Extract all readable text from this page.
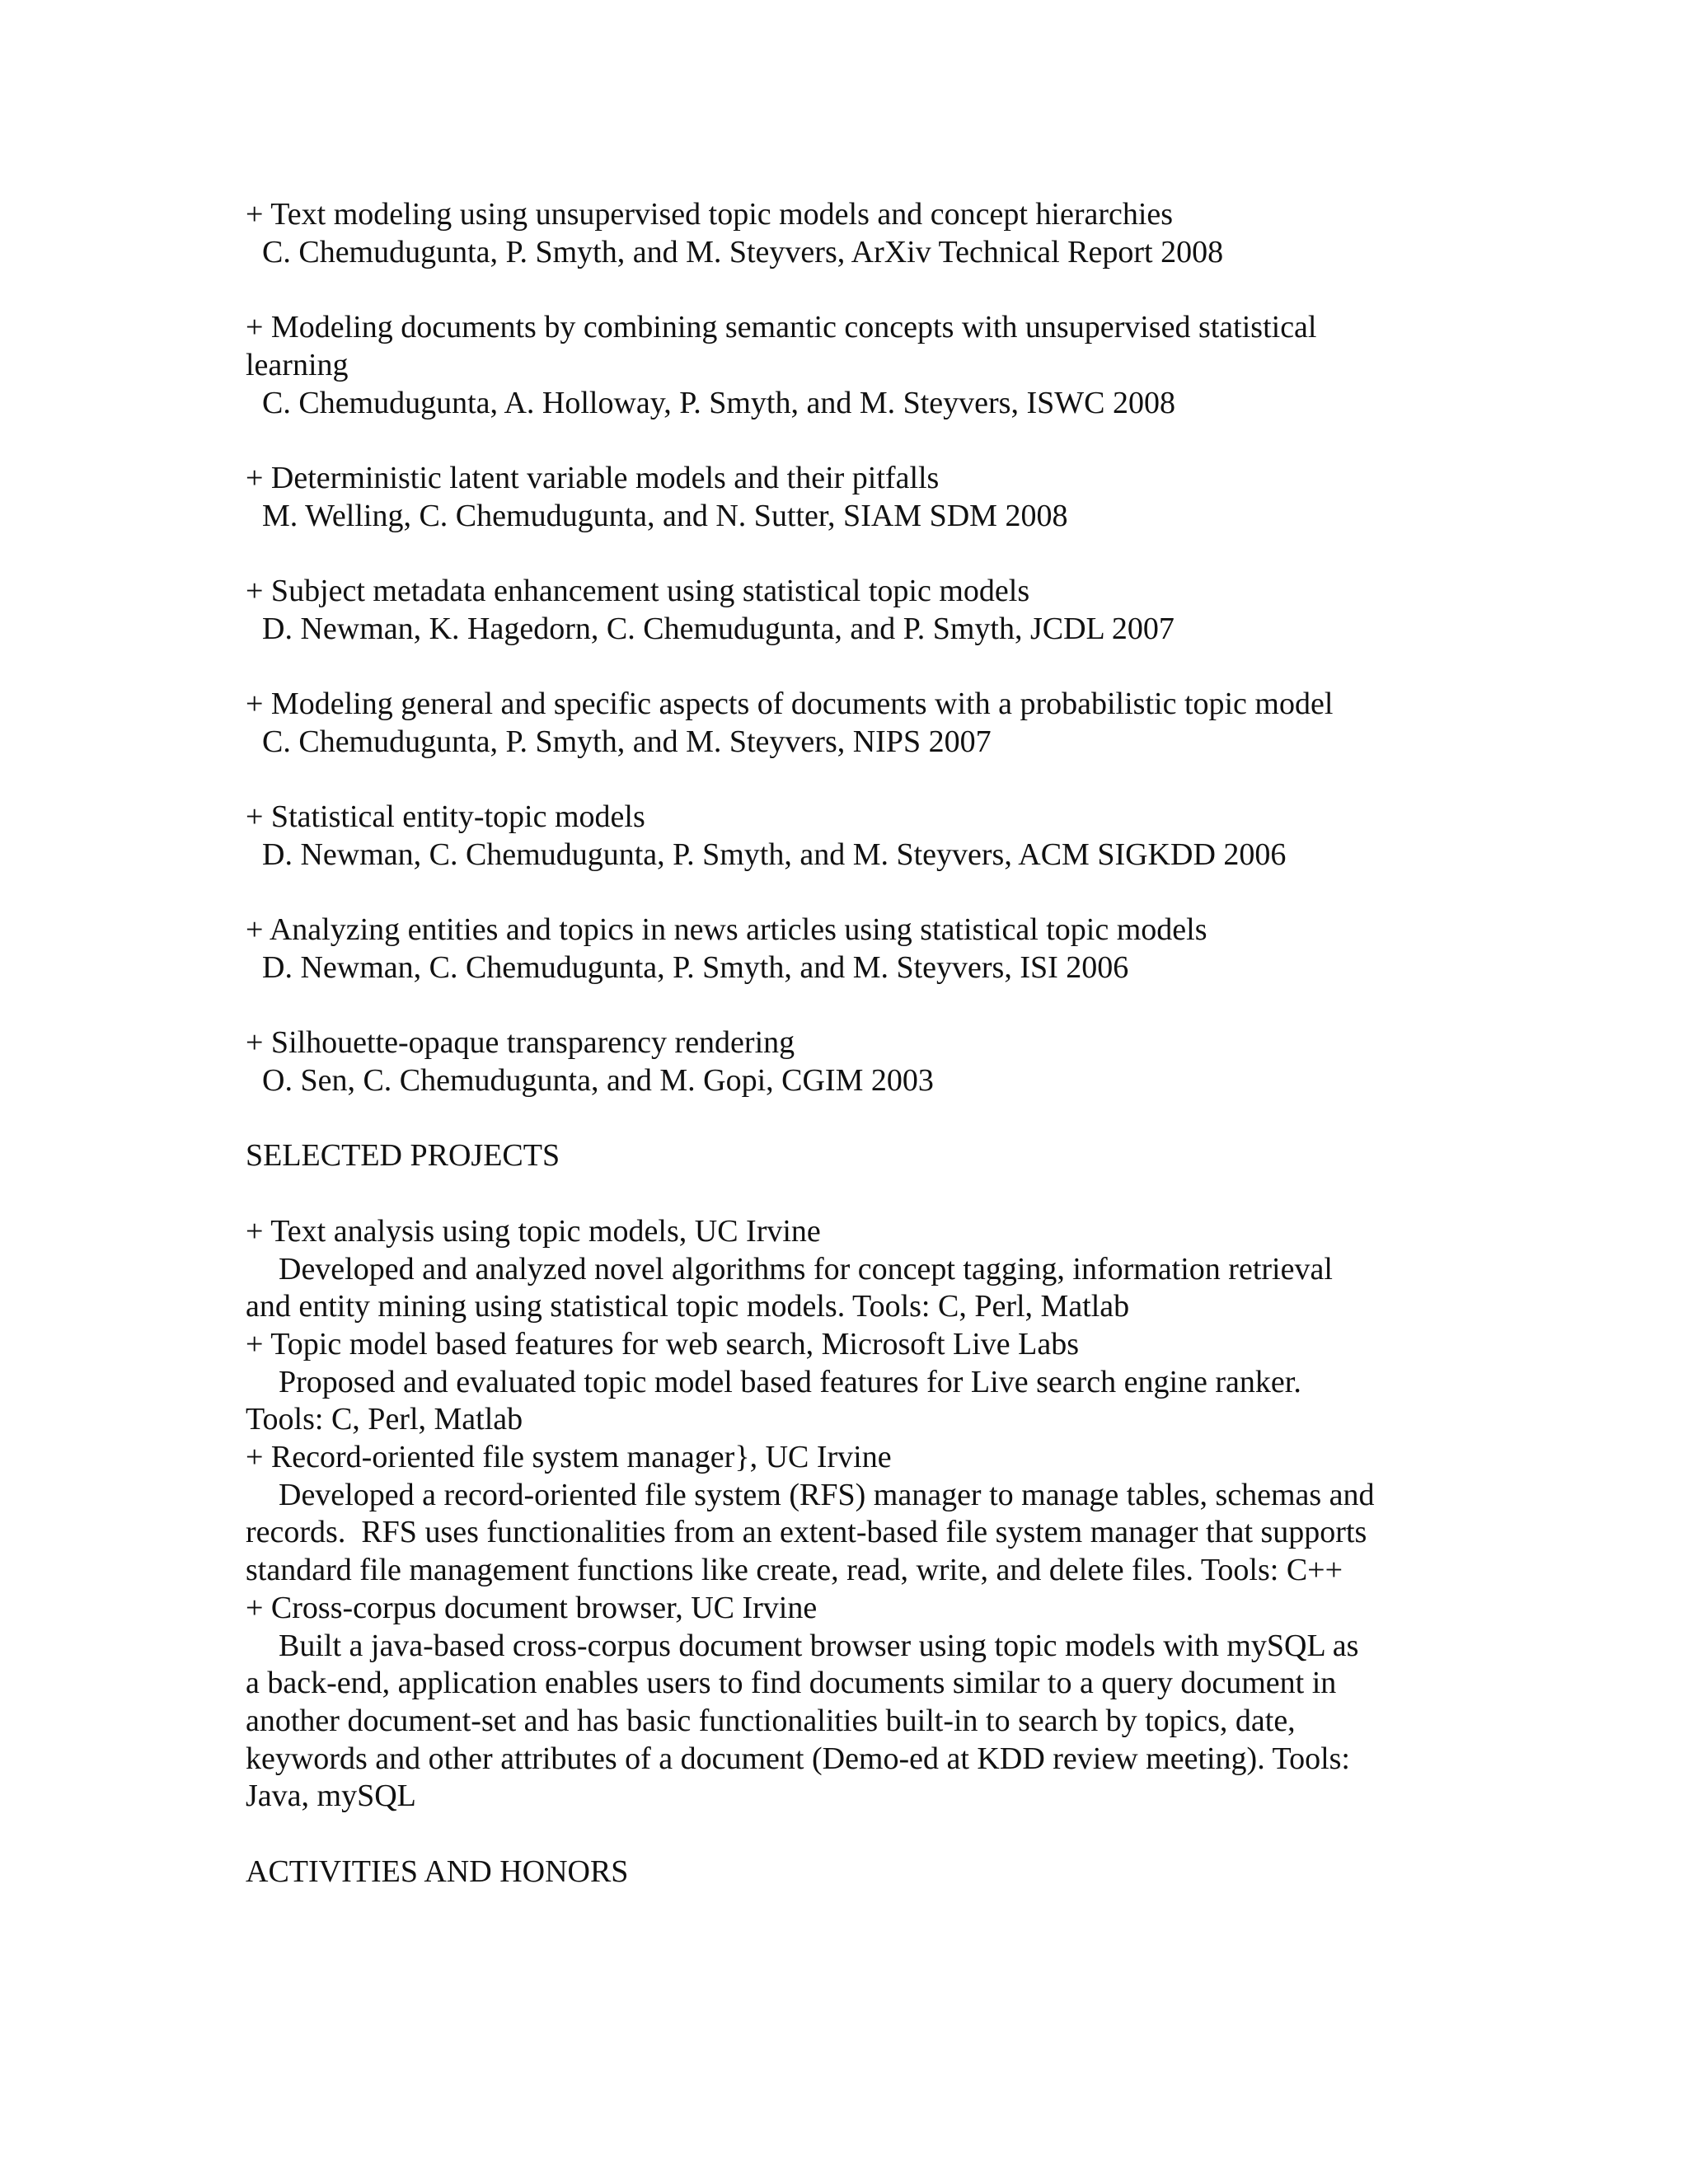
+ Text modeling using unsupervised topic models and concept hierarchies
C. Chemudugunta, P. Smyth, and M. Steyvers, ArXiv Technical Report 2008
+ Modeling documents by combining semantic concepts with unsupervised statistical
learning
C. Chemudugunta, A. Holloway, P. Smyth, and M. Steyvers, ISWC 2008
+ Deterministic latent variable models and their pitfalls
M. Welling, C. Chemudugunta, and N. Sutter, SIAM SDM 2008
+ Subject metadata enhancement using statistical topic models
D. Newman, K. Hagedorn, C. Chemudugunta, and P. Smyth, JCDL 2007
+ Modeling general and specific aspects of documents with a probabilistic topic model
C. Chemudugunta, P. Smyth, and M. Steyvers, NIPS 2007
+ Statistical entity-topic models
D. Newman, C. Chemudugunta, P. Smyth, and M. Steyvers, ACM SIGKDD 2006
+ Analyzing entities and topics in news articles using statistical topic models
D. Newman, C. Chemudugunta, P. Smyth, and M. Steyvers, ISI 2006
+ Silhouette-opaque transparency rendering
O. Sen, C. Chemudugunta, and M. Gopi, CGIM 2003
SELECTED PROJECTS
+ Text analysis using topic models, UC Irvine
Developed and analyzed novel algorithms for concept tagging, information retrieval
and entity mining using statistical topic models. Tools: C, Perl, Matlab
+ Topic model based features for web search, Microsoft Live Labs
Proposed and evaluated topic model based features for Live search engine ranker.
Tools: C, Perl, Matlab
+ Record-oriented file system manager}, UC Irvine
Developed a record-oriented file system (RFS) manager to manage tables, schemas and
records.  RFS uses functionalities from an extent-based file system manager that supports
standard file management functions like create, read, write, and delete files. Tools: C++
+ Cross-corpus document browser, UC Irvine
Built a java-based cross-corpus document browser using topic models with mySQL as
a back-end, application enables users to find documents similar to a query document in
another document-set and has basic functionalities built-in to search by topics, date,
keywords and other attributes of a document (Demo-ed at KDD review meeting). Tools:
Java, mySQL
ACTIVITIES AND HONORS
